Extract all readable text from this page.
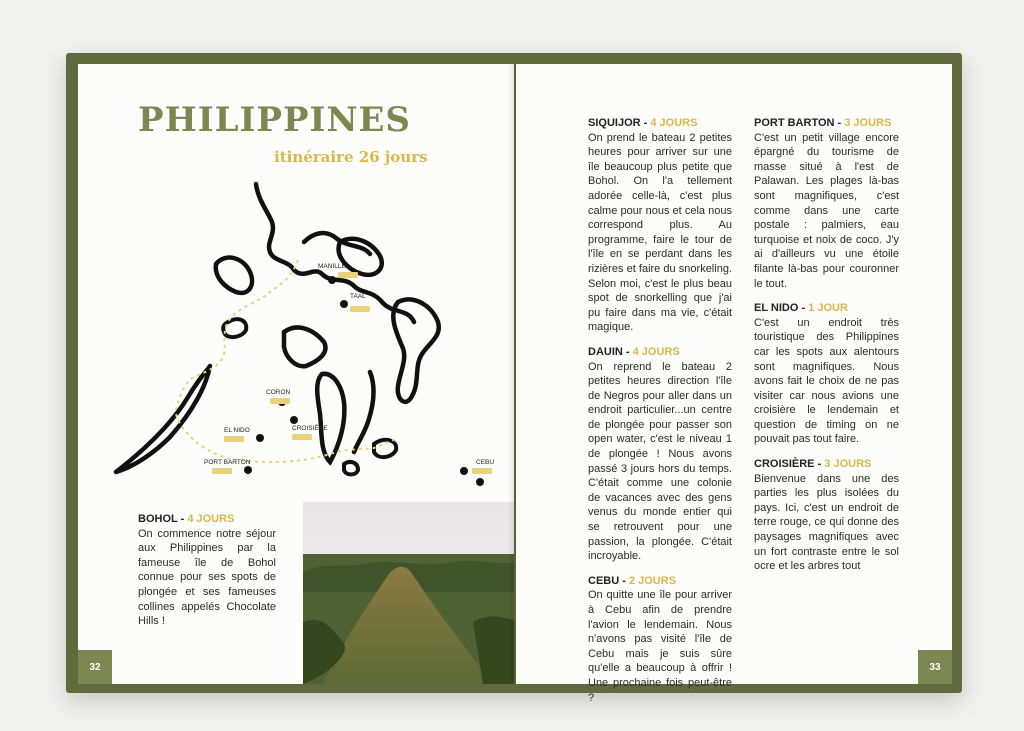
PHILIPPINES
itinéraire 26 jours
MANILLE
TAAL
CORON
CROISIÈRE
EL NIDO
PORT BARTON	CEBU

BOHOL - 4 JOURS
On commence notre séjour aux Philippines par la fameuse île de Bohol connue pour ses spots de plongée et ses fameuses collines appelés Chocolate Hills !

32

SIQUIJOR - 4 JOURS
On prend le bateau 2 petites heures pour arriver sur une île beaucoup plus petite que Bohol. On l'a tellement adorée celle-là, c'est plus calme pour nous et cela nous correspond plus. Au programme, faire le tour de l'île en se perdant dans les rizières et faire du snorkeling. Selon moi, c'est le plus beau spot de snorkelling que j'ai pu faire dans ma vie, c'était magique.

DAUIN - 4 JOURS
On reprend le bateau 2 petites heures direction l'île de Negros pour aller dans un endroit particulier...un centre de plongée pour passer son open water, c'est le niveau 1 de plongée ! Nous avons passé 3 jours hors du temps. C'était comme une colonie de vacances avec des gens venus du monde entier qui se retrouvent pour une passion, la plongée. C'était incroyable.

CEBU - 2 JOURS
On quitte une île pour arriver à Cebu afin de prendre l'avion le lendemain. Nous n'avons pas visité l'île de Cebu mais je suis sûre qu'elle a beaucoup à offrir ! Une prochaine fois peut-être ?

PORT BARTON - 3 JOURS
C'est un petit village encore épargné du tourisme de masse situé à l'est de Palawan. Les plages là-bas sont magnifiques, c'est comme dans une carte postale : palmiers, eau turquoise et noix de coco. J'y ai d'ailleurs vu une étoile filante là-bas pour couronner le tout.

EL NIDO - 1 JOUR
C'est un endroit très touristique des Philippines car les spots aux alentours sont magnifiques. Nous avons fait le choix de ne pas visiter car nous avions une croisière le lendemain et question de timing on ne pouvait pas tout faire.

CROISIÈRE - 3 JOURS
Bienvenue dans une des parties les plus isolées du pays. Ici, c'est un endroit de terre rouge, ce qui donne des paysages magnifiques avec un fort contraste entre le sol ocre et les arbres tout

33
